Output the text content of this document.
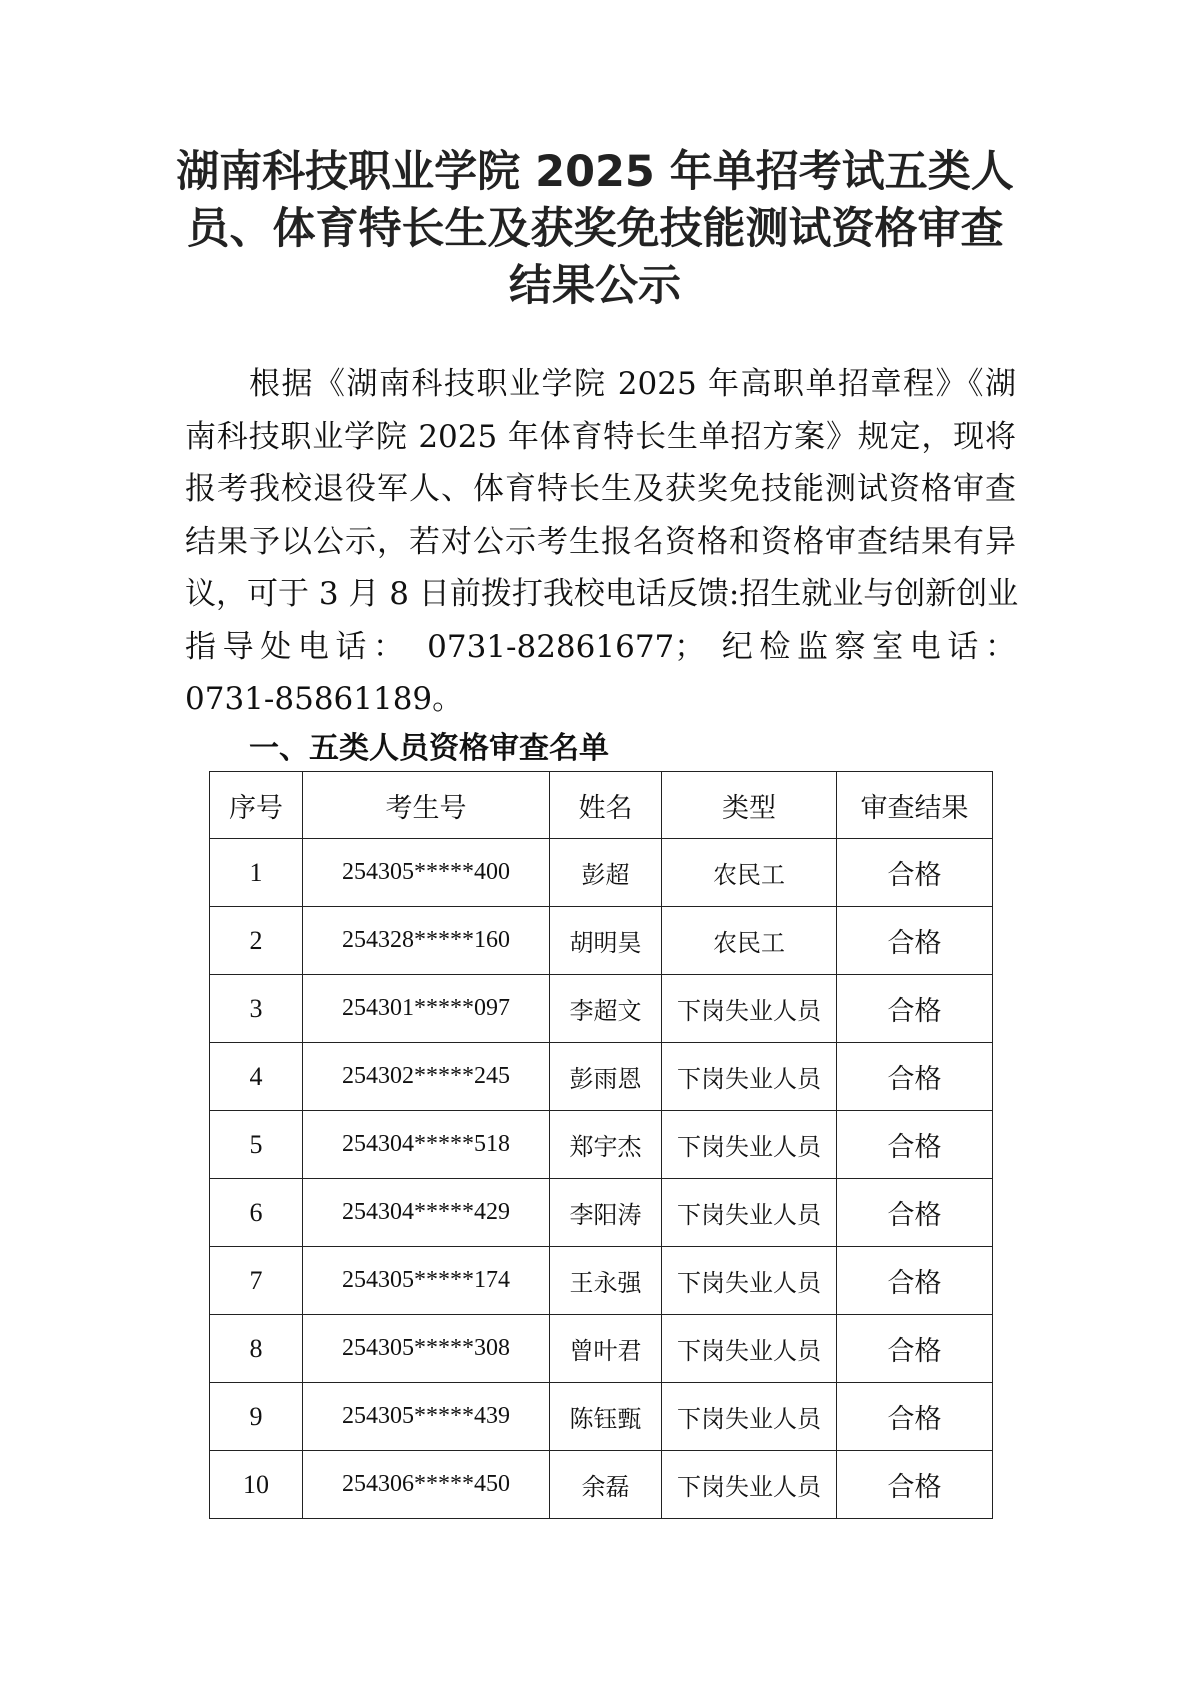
湖南科技职业学院 2025 年单招考试五类人
员、体育特长生及获奖免技能测试资格审查
结果公示
根据《湖南科技职业学院 2025 年高职单招章程》《湖
南科技职业学院 2025 年体育特长生单招方案》规定，现将
报考我校退役军人、体育特长生及获奖免技能测试资格审查
结果予以公示，若对公示考生报名资格和资格审查结果有异
议，可于 3 月 8 日前拨打我校电话反馈:招生就业与创新创业
指导处电话： 0731-82861677； 纪检监察室电话：
0731-85861189。
一、五类人员资格审查名单
序号	考生号	姓名	类型	审查结果
1	254305*****400	彭超	农民工	合格
2	254328*****160	胡明昊	农民工	合格
3	254301*****097	李超文	下岗失业人员	合格
4	254302*****245	彭雨恩	下岗失业人员	合格
5	254304*****518	郑宇杰	下岗失业人员	合格
6	254304*****429	李阳涛	下岗失业人员	合格
7	254305*****174	王永强	下岗失业人员	合格
8	254305*****308	曾叶君	下岗失业人员	合格
9	254305*****439	陈钰甄	下岗失业人员	合格
10	254306*****450	余磊	下岗失业人员	合格
